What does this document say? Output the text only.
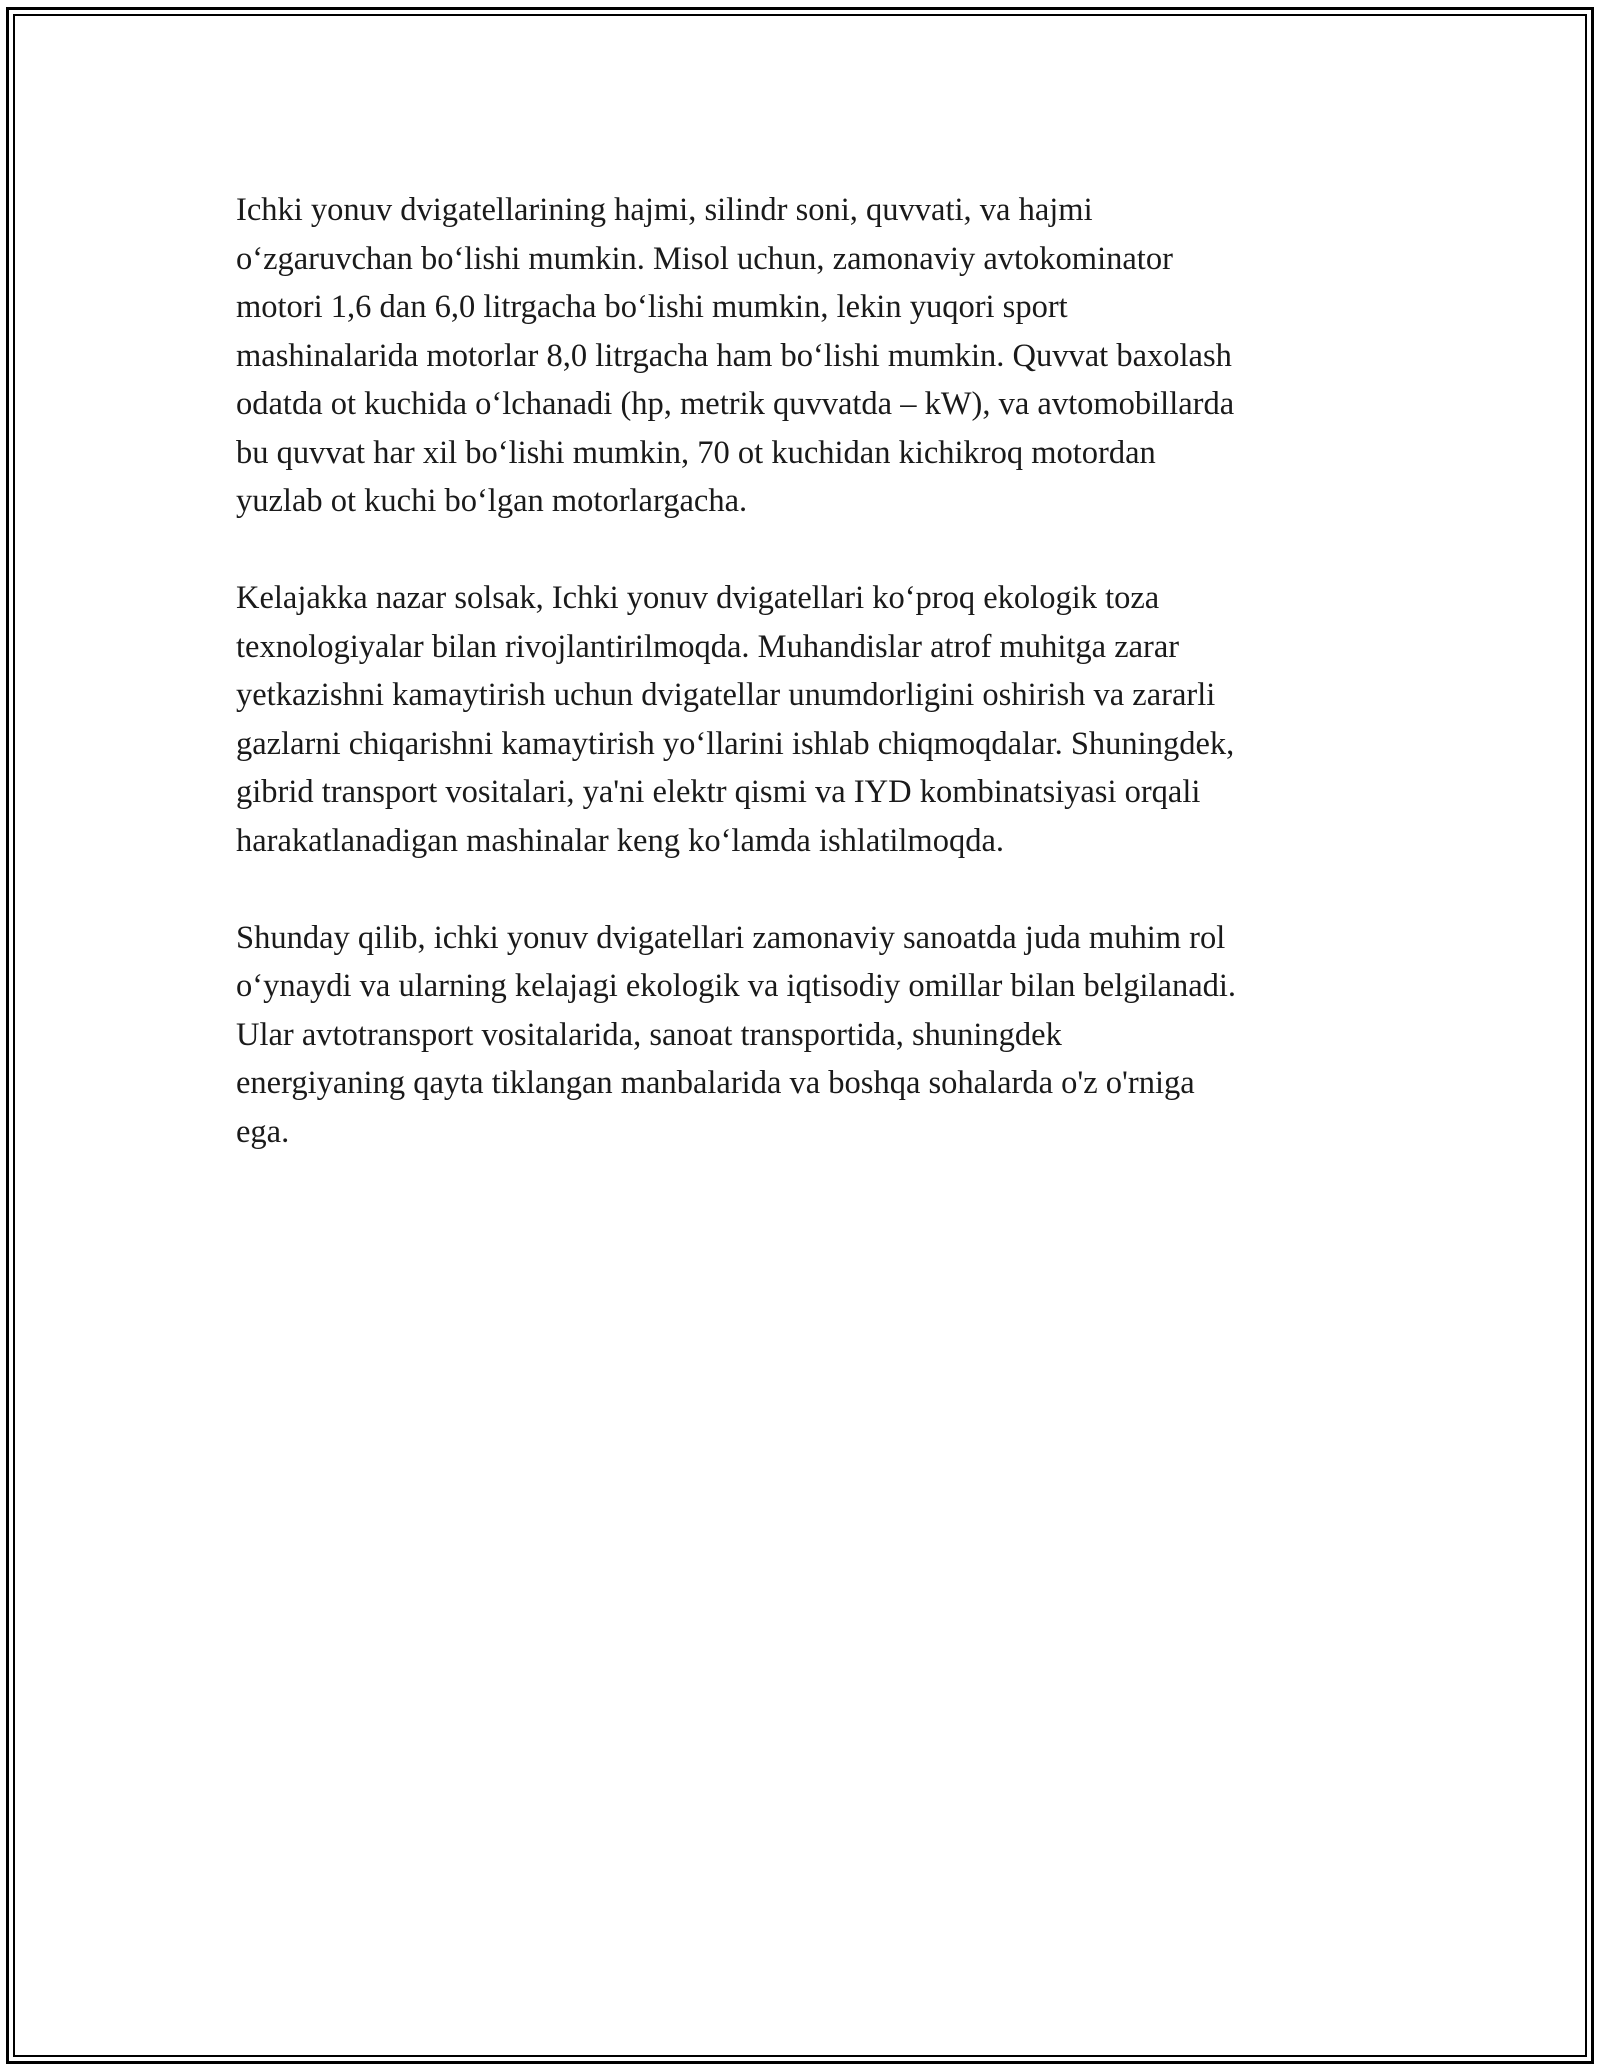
Ichki yonuv dvigatellarining hajmi, silindr soni, quvvati, va hajmi
oʻzgaruvchan boʻlishi mumkin. Misol uchun, zamonaviy avtokominator
motori 1,6 dan 6,0 litrgacha boʻlishi mumkin, lekin yuqori sport
mashinalarida motorlar 8,0 litrgacha ham boʻlishi mumkin. Quvvat baxolash
odatda ot kuchida oʻlchanadi (hp, metrik quvvatda – kW), va avtomobillarda
bu quvvat har xil boʻlishi mumkin, 70 ot kuchidan kichikroq motordan
yuzlab ot kuchi boʻlgan motorlargacha.

Kelajakka nazar solsak, Ichki yonuv dvigatellari koʻproq ekologik toza
texnologiyalar bilan rivojlantirilmoqda. Muhandislar atrof muhitga zarar
yetkazishni kamaytirish uchun dvigatellar unumdorligini oshirish va zararli
gazlarni chiqarishni kamaytirish yoʻllarini ishlab chiqmoqdalar. Shuningdek,
gibrid transport vositalari, ya'ni elektr qismi va IYD kombinatsiyasi orqali
harakatlanadigan mashinalar keng koʻlamda ishlatilmoqda.

Shunday qilib, ichki yonuv dvigatellari zamonaviy sanoatda juda muhim rol
oʻynaydi va ularning kelajagi ekologik va iqtisodiy omillar bilan belgilanadi.
Ular avtotransport vositalarida, sanoat transportida, shuningdek
energiyaning qayta tiklangan manbalarida va boshqa sohalarda o'z o'rniga
ega.
